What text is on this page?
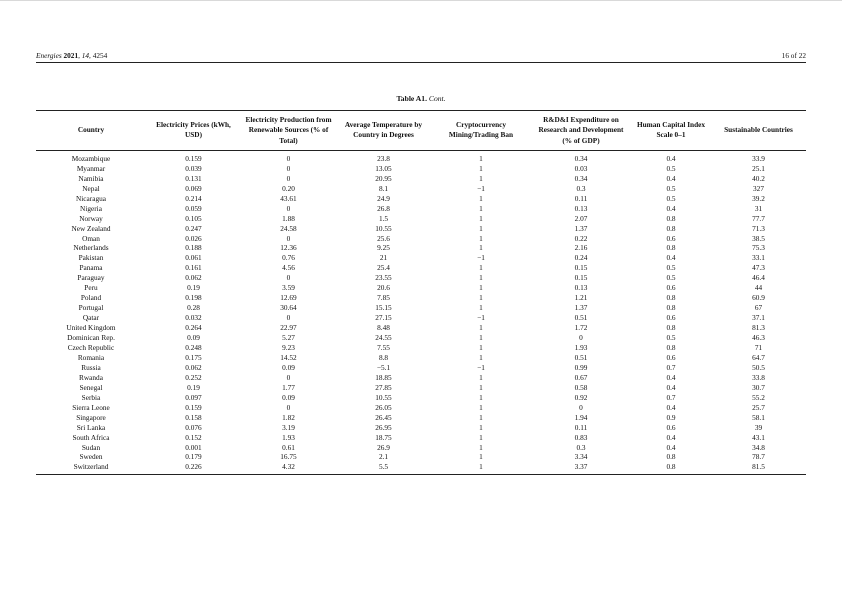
Energies 2021, 14, 4254	16 of 22
Table A1. Cont.
Country	Electricity Prices (kWh, USD)	Electricity Production from Renewable Sources (% of Total)	Average Temperature by Country in Degrees	Cryptocurrency Mining/Trading Ban	R&D&I Expenditure on Research and Development (% of GDP)	Human Capital Index Scale 0–1	Sustainable Countries
Mozambique	0.159	0	23.8	1	0.34	0.4	33.9
Myanmar	0.039	0	13.05	1	0.03	0.5	25.1
Namibia	0.131	0	20.95	1	0.34	0.4	40.2
Nepal	0.069	0.20	8.1	−1	0.3	0.5	327
Nicaragua	0.214	43.61	24.9	1	0.11	0.5	39.2
Nigeria	0.059	0	26.8	1	0.13	0.4	31
Norway	0.105	1.88	1.5	1	2.07	0.8	77.7
New Zealand	0.247	24.58	10.55	1	1.37	0.8	71.3
Oman	0.026	0	25.6	1	0.22	0.6	38.5
Netherlands	0.188	12.36	9.25	1	2.16	0.8	75.3
Pakistan	0.061	0.76	21	−1	0.24	0.4	33.1
Panama	0.161	4.56	25.4	1	0.15	0.5	47.3
Paraguay	0.062	0	23.55	1	0.15	0.5	46.4
Peru	0.19	3.59	20.6	1	0.13	0.6	44
Poland	0.198	12.69	7.85	1	1.21	0.8	60.9
Portugal	0.28	30.64	15.15	1	1.37	0.8	67
Qatar	0.032	0	27.15	−1	0.51	0.6	37.1
United Kingdom	0.264	22.97	8.48	1	1.72	0.8	81.3
Dominican Rep.	0.09	5.27	24.55	1	0	0.5	46.3
Czech Republic	0.248	9.23	7.55	1	1.93	0.8	71
Romania	0.175	14.52	8.8	1	0.51	0.6	64.7
Russia	0.062	0.09	−5.1	−1	0.99	0.7	50.5
Rwanda	0.252	0	18.85	1	0.67	0.4	33.8
Senegal	0.19	1.77	27.85	1	0.58	0.4	30.7
Serbia	0.097	0.09	10.55	1	0.92	0.7	55.2
Sierra Leone	0.159	0	26.05	1	0	0.4	25.7
Singapore	0.158	1.82	26.45	1	1.94	0.9	58.1
Sri Lanka	0.076	3.19	26.95	1	0.11	0.6	39
South Africa	0.152	1.93	18.75	1	0.83	0.4	43.1
Sudan	0.001	0.61	26.9	1	0.3	0.4	34.8
Sweden	0.179	16.75	2.1	1	3.34	0.8	78.7
Switzerland	0.226	4.32	5.5	1	3.37	0.8	81.5
